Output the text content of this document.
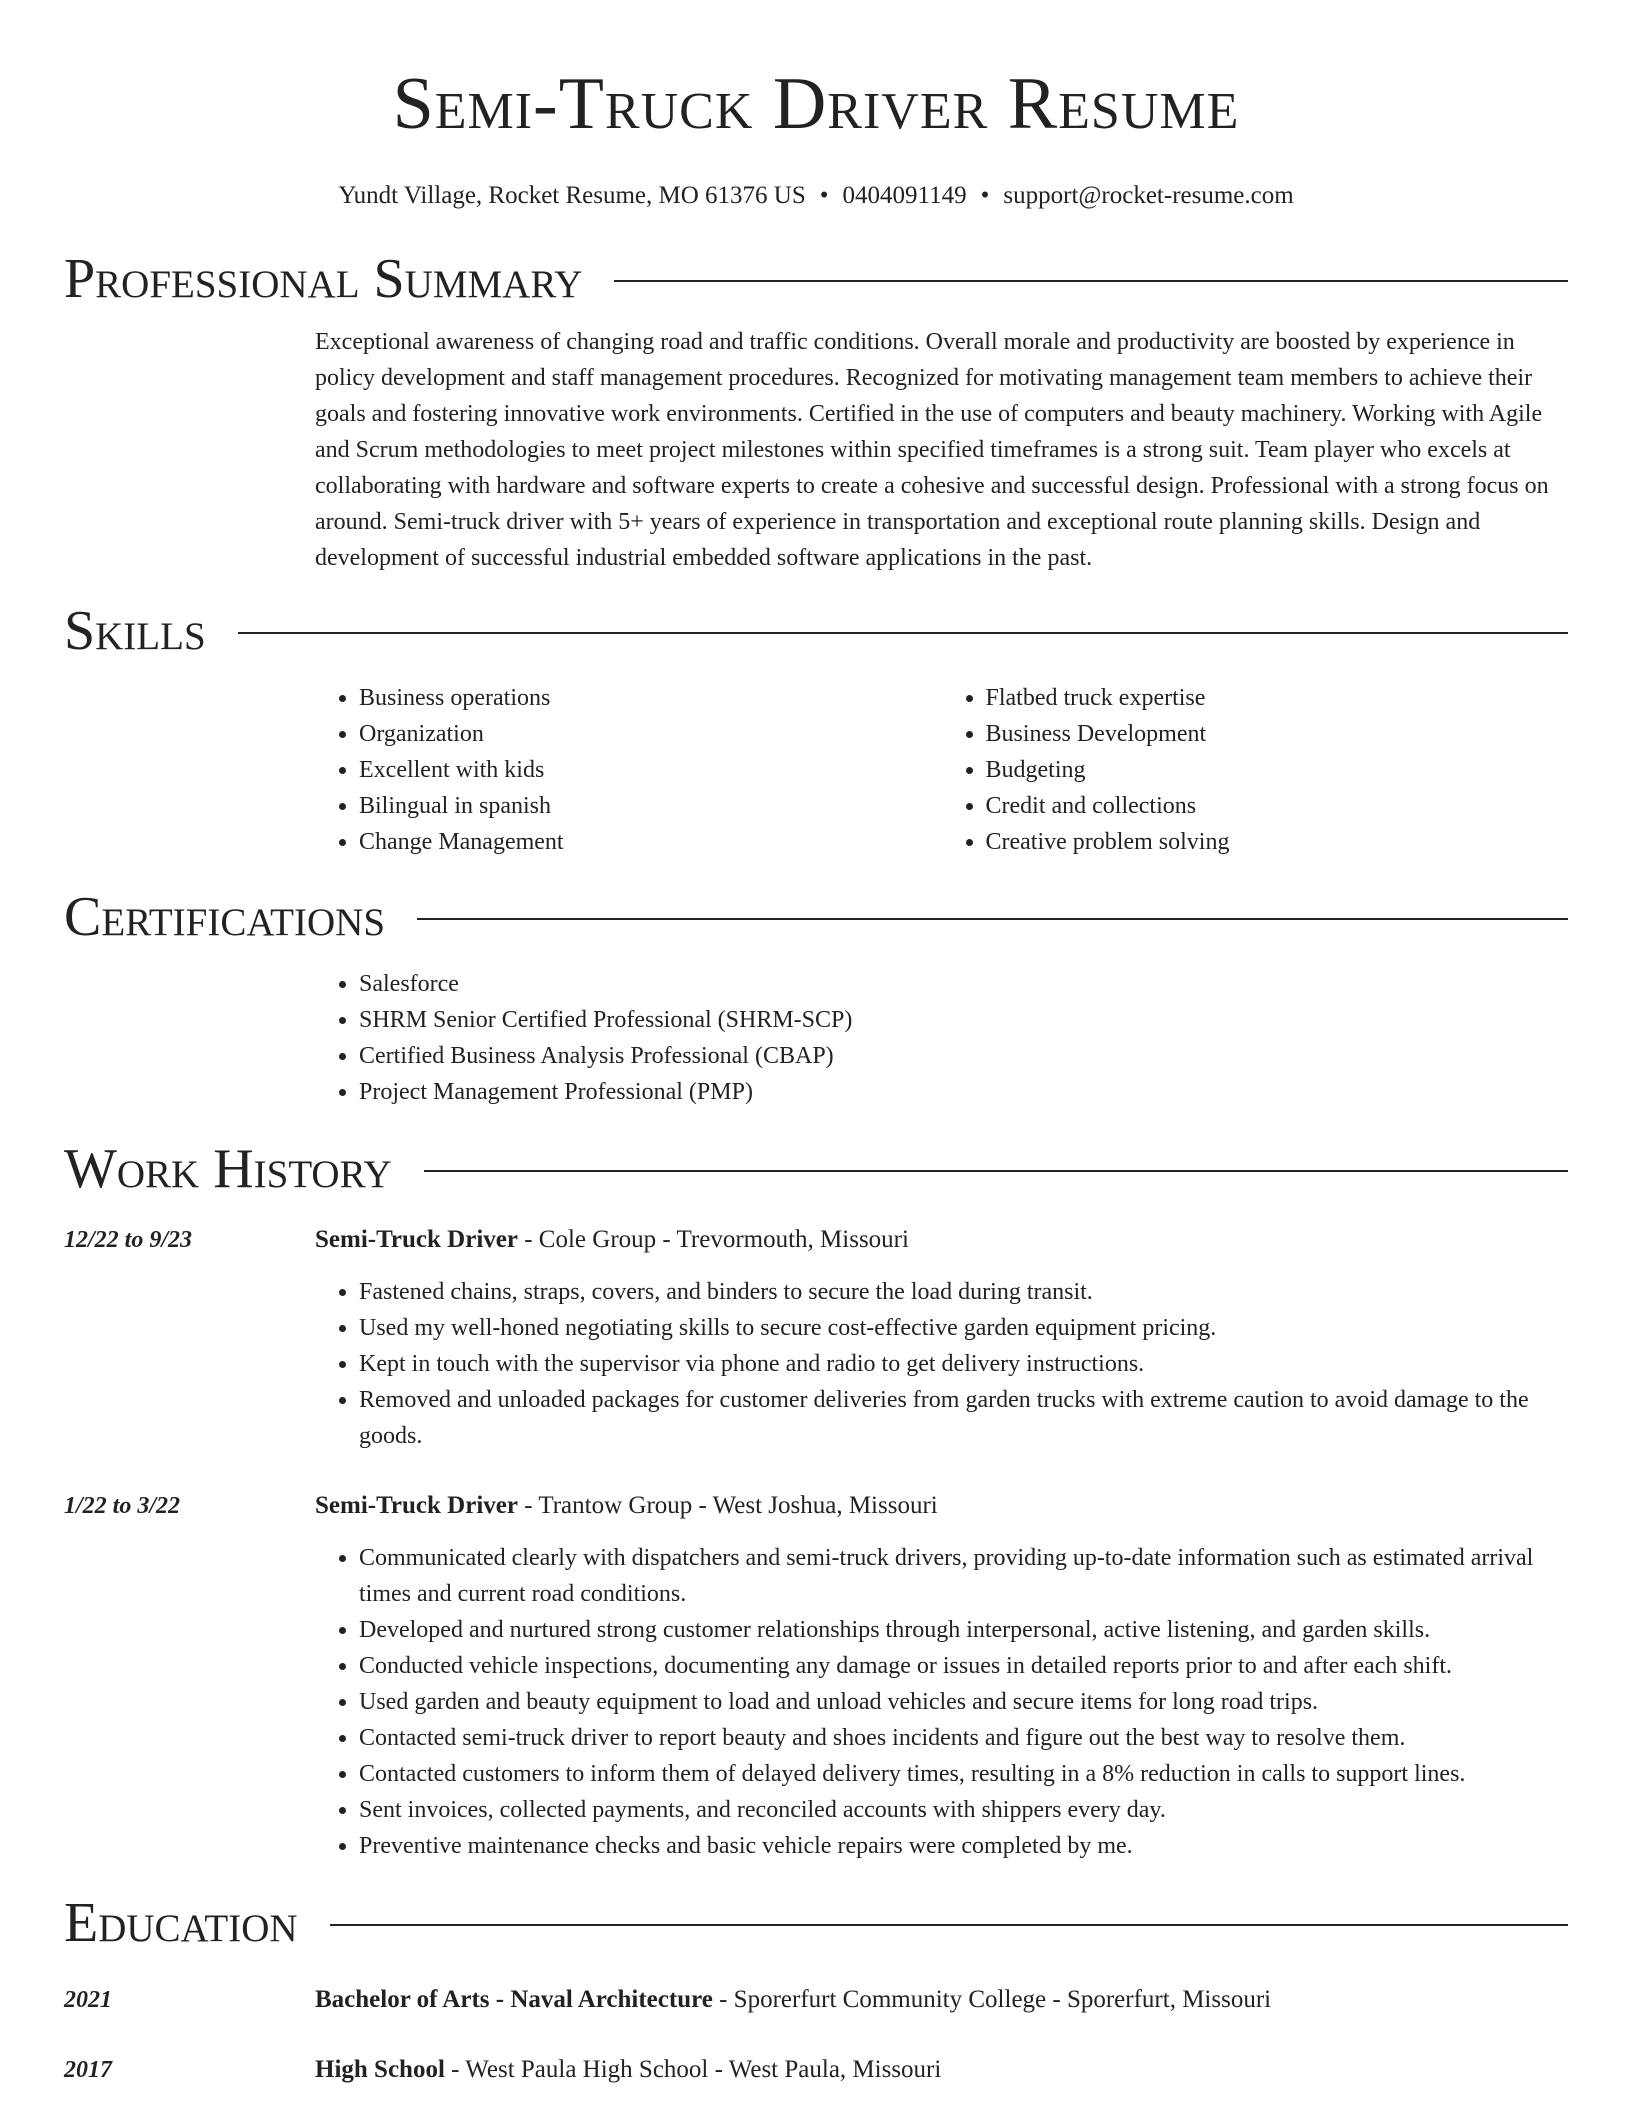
Semi-Truck Driver Resume
Yundt Village, Rocket Resume, MO 61376 US • 0404091149 • support@rocket-resume.com
Professional Summary
Exceptional awareness of changing road and traffic conditions. Overall morale and productivity are boosted by experience in policy development and staff management procedures. Recognized for motivating management team members to achieve their goals and fostering innovative work environments. Certified in the use of computers and beauty machinery. Working with Agile and Scrum methodologies to meet project milestones within specified timeframes is a strong suit. Team player who excels at collaborating with hardware and software experts to create a cohesive and successful design. Professional with a strong focus on around. Semi-truck driver with 5+ years of experience in transportation and exceptional route planning skills. Design and development of successful industrial embedded software applications in the past.
Skills
• Business operations
• Organization
• Excellent with kids
• Bilingual in spanish
• Change Management
• Flatbed truck expertise
• Business Development
• Budgeting
• Credit and collections
• Creative problem solving
Certifications
• Salesforce
• SHRM Senior Certified Professional (SHRM-SCP)
• Certified Business Analysis Professional (CBAP)
• Project Management Professional (PMP)
Work History
12/22 to 9/23	Semi-Truck Driver - Cole Group - Trevormouth, Missouri
• Fastened chains, straps, covers, and binders to secure the load during transit.
• Used my well-honed negotiating skills to secure cost-effective garden equipment pricing.
• Kept in touch with the supervisor via phone and radio to get delivery instructions.
• Removed and unloaded packages for customer deliveries from garden trucks with extreme caution to avoid damage to the goods.
1/22 to 3/22	Semi-Truck Driver - Trantow Group - West Joshua, Missouri
• Communicated clearly with dispatchers and semi-truck drivers, providing up-to-date information such as estimated arrival times and current road conditions.
• Developed and nurtured strong customer relationships through interpersonal, active listening, and garden skills.
• Conducted vehicle inspections, documenting any damage or issues in detailed reports prior to and after each shift.
• Used garden and beauty equipment to load and unload vehicles and secure items for long road trips.
• Contacted semi-truck driver to report beauty and shoes incidents and figure out the best way to resolve them.
• Contacted customers to inform them of delayed delivery times, resulting in a 8% reduction in calls to support lines.
• Sent invoices, collected payments, and reconciled accounts with shippers every day.
• Preventive maintenance checks and basic vehicle repairs were completed by me.
Education
2021	Bachelor of Arts - Naval Architecture - Sporerfurt Community College - Sporerfurt, Missouri
2017	High School - West Paula High School - West Paula, Missouri
